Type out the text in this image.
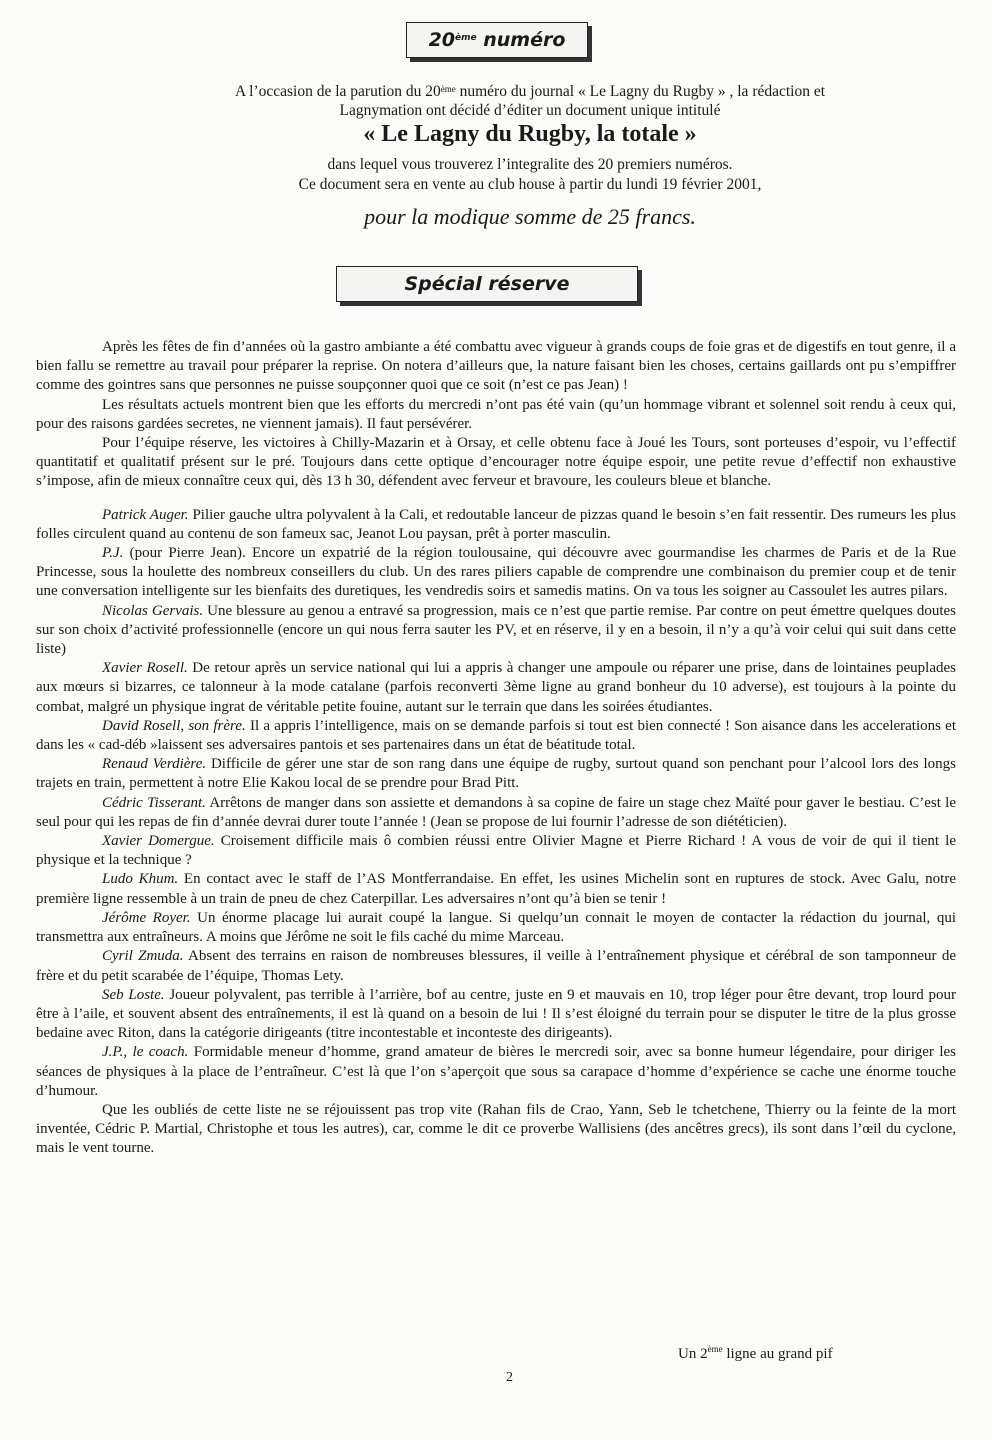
20ème numéro
A l’occasion de la parution du 20ème numéro du journal « Le Lagny du Rugby » , la rédaction et
Lagnymation ont décidé d’éditer un document unique intitulé
« Le Lagny du Rugby, la totale »
dans lequel vous trouverez l’integralite des 20 premiers numéros.
Ce document sera en vente au club house à partir du lundi 19 février 2001,
pour la modique somme de 25 francs.
Spécial réserve

Après les fêtes de fin d’années où la gastro ambiante a été combattu avec vigueur à grands coups de foie gras et de digestifs en tout genre, il a bien fallu se remettre au travail pour préparer la reprise. On notera d’ailleurs que, la nature faisant bien les choses, certains gaillards ont pu s’empiffrer comme des gointres sans que personnes ne puisse soupçonner quoi que ce soit (n’est ce pas Jean) !

Les résultats actuels montrent bien que les efforts du mercredi n’ont pas été vain (qu’un hommage vibrant et solennel soit rendu à ceux qui, pour des raisons gardées secretes, ne viennent jamais). Il faut persévérer.

Pour l’équipe réserve, les victoires à Chilly-Mazarin et à Orsay, et celle obtenu face à Joué les Tours, sont porteuses d’espoir, vu l’effectif quantitatif et qualitatif présent sur le pré. Toujours dans cette optique d’encourager notre équipe espoir, une petite revue d’effectif non exhaustive s’impose, afin de mieux connaître ceux qui, dès 13 h 30, défendent avec ferveur et bravoure, les couleurs bleue et blanche.

Patrick Auger. Pilier gauche ultra polyvalent à la Cali, et redoutable lanceur de pizzas quand le besoin s’en fait ressentir. Des rumeurs les plus folles circulent quand au contenu de son fameux sac, Jeanot Lou paysan, prêt à porter masculin.

P.J. (pour Pierre Jean). Encore un expatrié de la région toulousaine, qui découvre avec gourmandise les charmes de Paris et de la Rue Princesse, sous la houlette des nombreux conseillers du club. Un des rares piliers capable de comprendre une combinaison du premier coup et de tenir une conversation intelligente sur les bienfaits des duretiques, les vendredis soirs et samedis matins. On va tous les soigner au Cassoulet les autres pilars.

Nicolas Gervais. Une blessure au genou a entravé sa progression, mais ce n’est que partie remise. Par contre on peut émettre quelques doutes sur son choix d’activité professionnelle (encore un qui nous ferra sauter les PV, et en réserve, il y en a besoin, il n’y a qu’à voir celui qui suit dans cette liste)

Xavier Rosell. De retour après un service national qui lui a appris à changer une ampoule ou réparer une prise, dans de lointaines peuplades aux mœurs si bizarres, ce talonneur à la mode catalane (parfois reconverti 3ème ligne au grand bonheur du 10 adverse), est toujours à la pointe du combat, malgré un physique ingrat de véritable petite fouine, autant sur le terrain que dans les soirées étudiantes.

David Rosell, son frère. Il a appris l’intelligence, mais on se demande parfois si tout est bien connecté ! Son aisance dans les accelerations et dans les « cad-déb »laissent ses adversaires pantois et ses partenaires dans un état de béatitude total.

Renaud Verdière. Difficile de gérer une star de son rang dans une équipe de rugby, surtout quand son penchant pour l’alcool lors des longs trajets en train, permettent à notre Elie Kakou local de se prendre pour Brad Pitt.

Cédric Tisserant. Arrêtons de manger dans son assiette et demandons à sa copine de faire un stage chez Maïté pour gaver le bestiau. C’est le seul pour qui les repas de fin d’année devrai durer toute l’année ! (Jean se propose de lui fournir l’adresse de son diététicien).

Xavier Domergue. Croisement difficile mais ô combien réussi entre Olivier Magne et Pierre Richard ! A vous de voir de qui il tient le physique et la technique ?

Ludo Khum. En contact avec le staff de l’AS Montferrandaise. En effet, les usines Michelin sont en ruptures de stock. Avec Galu, notre première ligne ressemble à un train de pneu de chez Caterpillar. Les adversaires n’ont qu’à bien se tenir !

Jérôme Royer. Un énorme placage lui aurait coupé la langue. Si quelqu’un connait le moyen de contacter la rédaction du journal, qui transmettra aux entraîneurs. A moins que Jérôme ne soit le fils caché du mime Marceau.

Cyril Zmuda. Absent des terrains en raison de nombreuses blessures, il veille à l’entraînement physique et cérébral de son tamponneur de frère et du petit scarabée de l’équipe, Thomas Lety.

Seb Loste. Joueur polyvalent, pas terrible à l’arrière, bof au centre, juste en 9 et mauvais en 10, trop léger pour être devant, trop lourd pour être à l’aile, et souvent absent des entraînements, il est là quand on a besoin de lui ! Il s’est éloigné du terrain pour se disputer le titre de la plus grosse bedaine avec Riton, dans la catégorie dirigeants (titre incontestable et inconteste des dirigeants).

J.P., le coach. Formidable meneur d’homme, grand amateur de bières le mercredi soir, avec sa bonne humeur légendaire, pour diriger les séances de physiques à la place de l’entraîneur. C’est là que l’on s’aperçoit que sous sa carapace d’homme d’expérience se cache une énorme touche d’humour.

Que les oubliés de cette liste ne se réjouissent pas trop vite (Rahan fils de Crao, Yann, Seb le tchetchene, Thierry ou la feinte de la mort inventée, Cédric P. Martial, Christophe et tous les autres), car, comme le dit ce proverbe Wallisiens (des ancêtres grecs), ils sont dans l’œil du cyclone, mais le vent tourne.

Un 2ème ligne au grand pif
2
